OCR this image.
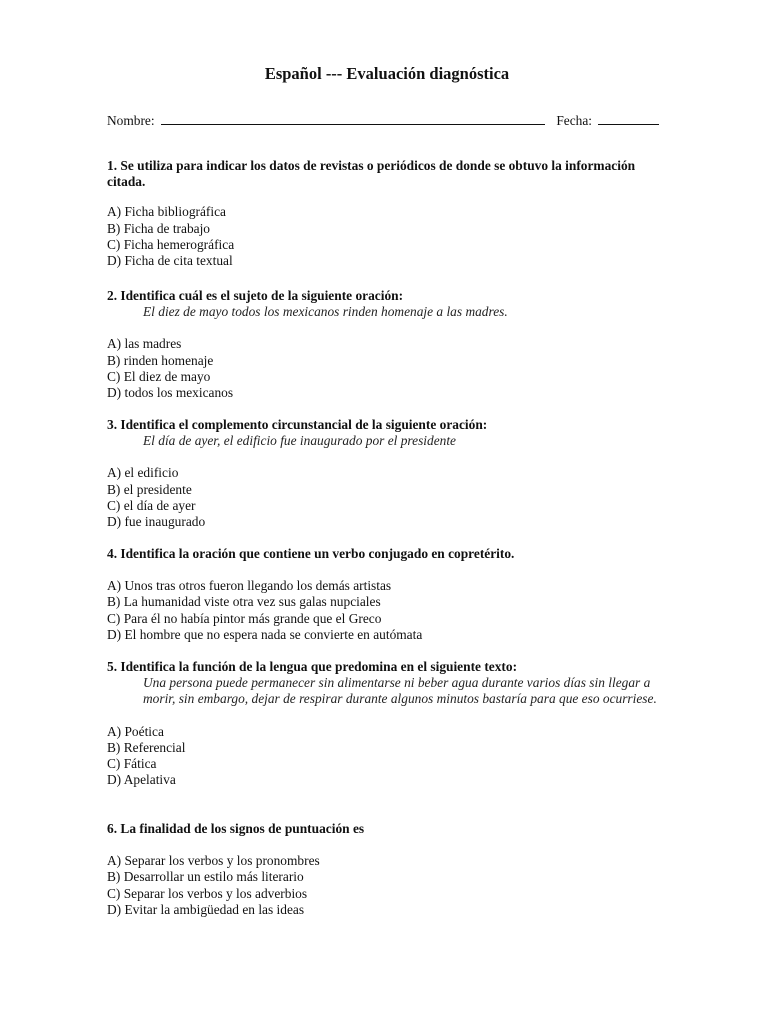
Español --- Evaluación diagnóstica
Nombre:	Fecha:

1. Se utiliza para indicar los datos de revistas o periódicos de donde se obtuvo la información citada.

A) Ficha bibliográfica
B) Ficha de trabajo
C) Ficha hemerográfica
D) Ficha de cita textual

2. Identifica cuál es el sujeto de la siguiente oración:

El diez de mayo todos los mexicanos rinden homenaje a las madres.

A) las madres
B) rinden homenaje
C) El diez de mayo
D) todos los mexicanos

3. Identifica el complemento circunstancial de la siguiente oración:

El día de ayer, el edificio fue inaugurado por el presidente

A) el edificio
B) el presidente
C) el día de ayer
D) fue inaugurado

4. Identifica la oración que contiene un verbo conjugado en copretérito.

A) Unos tras otros fueron llegando los demás artistas
B) La humanidad viste otra vez sus galas nupciales
C) Para él no había pintor más grande que el Greco
D) El hombre que no espera nada se convierte en autómata

5. Identifica la función de la lengua que predomina en el siguiente texto:

Una persona puede permanecer sin alimentarse ni beber agua durante varios días sin llegar a morir, sin embargo, dejar de respirar durante algunos minutos bastaría para que eso ocurriese.

A) Poética
B) Referencial
C) Fática
D) Apelativa

6. La finalidad de los signos de puntuación es

A) Separar los verbos y los pronombres
B) Desarrollar un estilo más literario
C) Separar los verbos y los adverbios
D) Evitar la ambigüedad en las ideas
